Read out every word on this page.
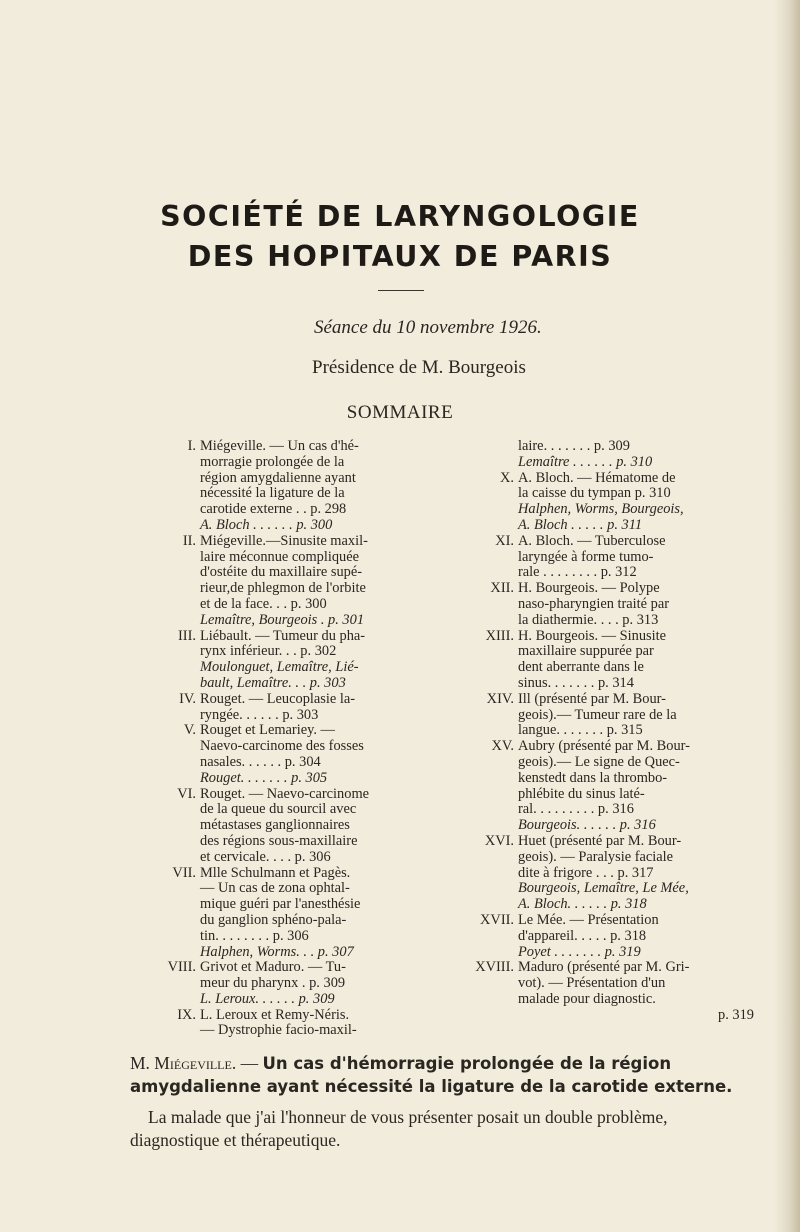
SOCIÉTÉ DE LARYNGOLOGIE
DES HOPITAUX DE PARIS
Séance du 10 novembre 1926.
Présidence de M. Bourgeois
SOMMAIRE
I. Miégeville. — Un cas d'hé-
morragie prolongée de la
région amygdalienne ayant
nécessité la ligature de la
carotide externe . . p. 298
A. Bloch . . . . . . p. 300
II. Miégeville.—Sinusite maxil-
laire méconnue compliquée
d'ostéite du maxillaire supé-
rieur,de phlegmon de l'orbite
et de la face. . . p. 300
Lemaître, Bourgeois . p. 301
III. Liébault. — Tumeur du pha-
rynx inférieur. . . p. 302
Moulonguet, Lemaître, Lié-
bault, Lemaître. . . p. 303
IV. Rouget. — Leucoplasie la-
ryngée. . . . . . p. 303
V. Rouget et Lemariey. —
Naevo-carcinome des fosses
nasales. . . . . . p. 304
Rouget. . . . . . . p. 305
VI. Rouget. — Naevo-carcinome
de la queue du sourcil avec
métastases ganglionnaires
des régions sous-maxillaire
et cervicale. . . . p. 306
VII. Mlle Schulmann et Pagès.
— Un cas de zona ophtal-
mique guéri par l'anesthésie
du ganglion sphéno-pala-
tin. . . . . . . . p. 306
Halphen, Worms. . . p. 307
VIII. Grivot et Maduro. — Tu-
meur du pharynx . p. 309
L. Leroux. . . . . . p. 309
IX. L. Leroux et Remy-Néris.
— Dystrophie facio-maxil-
laire. . . . . . . p. 309
Lemaître . . . . . . p. 310
X. A. Bloch. — Hématome de
la caisse du tympan p. 310
Halphen, Worms, Bourgeois,
A. Bloch . . . . . p. 311
XI. A. Bloch. — Tuberculose
laryngée à forme tumo-
rale . . . . . . . . p. 312
XII. H. Bourgeois. — Polype
naso-pharyngien traité par
la diathermie. . . . p. 313
XIII. H. Bourgeois. — Sinusite
maxillaire suppurée par
dent aberrante dans le
sinus. . . . . . . p. 314
XIV. Ill (présenté par M. Bour-
geois).— Tumeur rare de la
langue. . . . . . . p. 315
XV. Aubry (présenté par M. Bour-
geois).— Le signe de Quec-
kenstedt dans la thrombo-
phlébite du sinus laté-
ral. . . . . . . . . p. 316
Bourgeois. . . . . . p. 316
XVI. Huet (présenté par M. Bour-
geois). — Paralysie faciale
dite à frigore . . . p. 317
Bourgeois, Lemaître, Le Mée,
A. Bloch. . . . . . p. 318
XVII. Le Mée. — Présentation
d'appareil. . . . . p. 318
Poyet . . . . . . . p. 319
XVIII. Maduro (présenté par M. Gri-
vot). — Présentation d'un
malade pour diagnostic.
p. 319

M. Miégeville. — Un cas d'hémorragie prolongée de la région amygdalienne ayant nécessité la ligature de la carotide externe.

La malade que j'ai l'honneur de vous présenter posait un double problème, diagnostique et thérapeutique.
